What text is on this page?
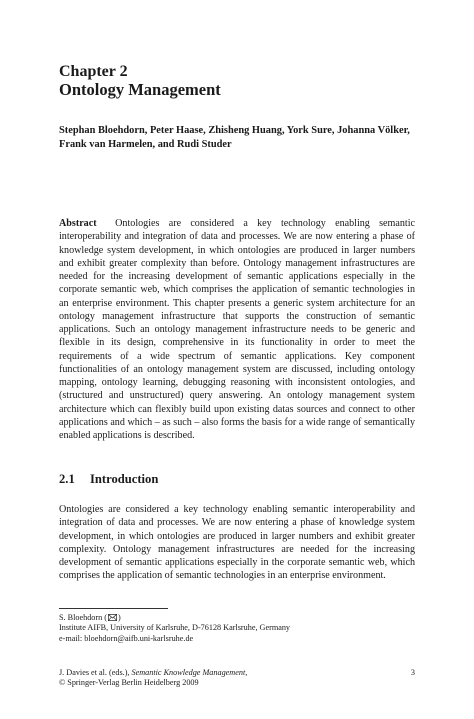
Chapter 2
Ontology Management

Stephan Bloehdorn, Peter Haase, Zhisheng Huang, York Sure, Johanna Völker, Frank van Harmelen, and Rudi Studer

Abstract Ontologies are considered a key technology enabling semantic interoperability and integration of data and processes. We are now entering a phase of knowledge system development, in which ontologies are produced in larger numbers and exhibit greater complexity than before. Ontology management infrastructures are needed for the increasing development of semantic applications especially in the corporate semantic web, which comprises the application of semantic technologies in an enterprise environment. This chapter presents a generic system architecture for an ontology management infrastructure that supports the construction of semantic applications. Such an ontology management infrastructure needs to be generic and flexible in its design, comprehensive in its functionality in order to meet the requirements of a wide spectrum of semantic applications. Key component functionalities of an ontology management system are discussed, including ontology mapping, ontology learning, debugging reasoning with inconsistent ontologies, and (structured and unstructured) query answering. An ontology management system architecture which can flexibly build upon existing datas sources and connect to other applications and which – as such – also forms the basis for a wide range of semantically enabled applications is described.

2.1 Introduction

Ontologies are considered a key technology enabling semantic interoperability and integration of data and processes. We are now entering a phase of knowledge system development, in which ontologies are produced in larger numbers and exhibit greater complexity. Ontology management infrastructures are needed for the increasing development of semantic applications especially in the corporate semantic web, which comprises the application of semantic technologies in an enterprise environment.

S. Bloehdorn ( )
Institute AIFB, University of Karlsruhe, D-76128 Karlsruhe, Germany
e-mail: bloehdorn@aifb.uni-karlsruhe.de
J. Davies et al. (eds.), Semantic Knowledge Management,
© Springer-Verlag Berlin Heidelberg 2009
3
